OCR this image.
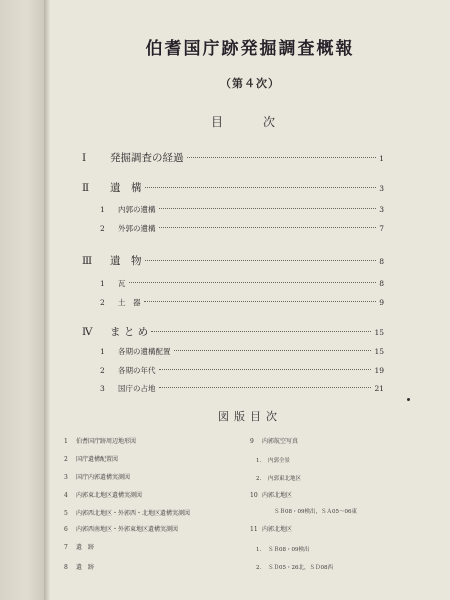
伯耆国庁跡発掘調査概報
（第４次）
目　次
Ⅰ 発掘調査の経過	1
Ⅱ 遺　構	3
1 内郭の遺構	3
2 外郭の遺構	7
Ⅲ 遺　物	8
1 瓦	8
2 土　器	9
Ⅳ ま と め	15
1 各期の遺構配置	15
2 各期の年代	19
3 国庁の占地	21
図版目次
1 伯耆国庁跡周辺地形図
2 国庁遺構配置図
3 国庁内郭遺構実測図
4 内郭東北地区遺構実測図
5 内郭西北地区・外郭西・北地区遺構実測図
6 内郭西南地区・外郭東地区遺構実測図
7 遺　跡
8 遺　跡
9 内郭航空写真
1. 内郭全景
2. 内郭東北地区
10 内郭北地区
ＳＢ08・09検出，ＳＡ05～06東
11 内郭北地区
1. ＳＢ08・09検出
2. ＳＤ05・26北，ＳＤ08西
